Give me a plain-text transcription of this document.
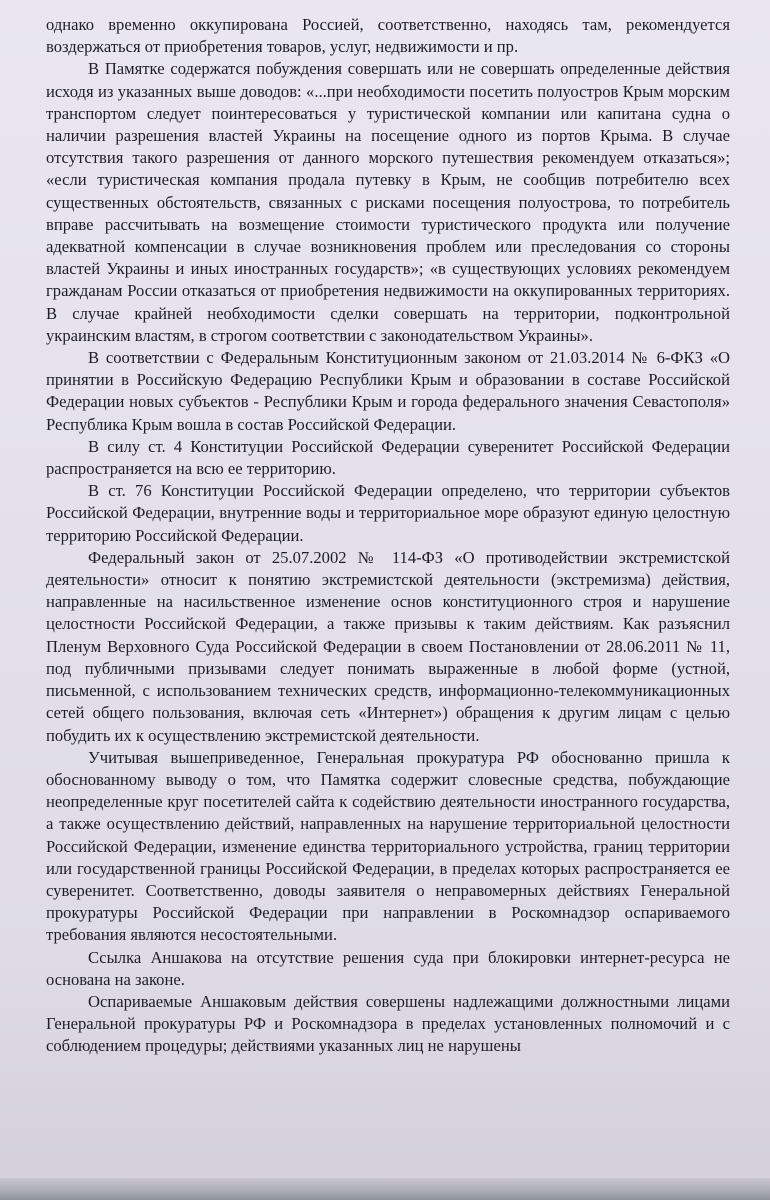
однако временно оккупирована Россией, соответственно, находясь там, рекомендуется воздержаться от приобретения товаров, услуг, недвижимости и пр.

В Памятке содержатся побуждения совершать или не совершать определенные действия исходя из указанных выше доводов: «...при необходимости посетить полуостров Крым морским транспортом следует поинтересоваться у туристической компании или капитана судна о наличии разрешения властей Украины на посещение одного из портов Крыма. В случае отсутствия такого разрешения от данного морского путешествия рекомендуем отказаться»; «если туристическая компания продала путевку в Крым, не сообщив потребителю всех существенных обстоятельств, связанных с рисками посещения полуострова, то потребитель вправе рассчитывать на возмещение стоимости туристического продукта или получение адекватной компенсации в случае возникновения проблем или преследования со стороны властей Украины и иных иностранных государств»; «в существующих условиях рекомендуем гражданам России отказаться от приобретения недвижимости на оккупированных территориях. В случае крайней необходимости сделки совершать на территории, подконтрольной украинским властям, в строгом соответствии с законодательством Украины».

В соответствии с Федеральным Конституционным законом от 21.03.2014 № 6-ФКЗ «О принятии в Российскую Федерацию Республики Крым и образовании в составе Российской Федерации новых субъектов - Республики Крым и города федерального значения Севастополя» Республика Крым вошла в состав Российской Федерации.

В силу ст. 4 Конституции Российской Федерации суверенитет Российской Федерации распространяется на всю ее территорию.

В ст. 76 Конституции Российской Федерации определено, что территории субъектов Российской Федерации, внутренние воды и территориальное море образуют единую целостную территорию Российской Федерации.

Федеральный закон от 25.07.2002 № 114-ФЗ «О противодействии экстремистской деятельности» относит к понятию экстремистской деятельности (экстремизма) действия, направленные на насильственное изменение основ конституционного строя и нарушение целостности Российской Федерации, а также призывы к таким действиям. Как разъяснил Пленум Верховного Суда Российской Федерации в своем Постановлении от 28.06.2011 № 11, под публичными призывами следует понимать выраженные в любой форме (устной, письменной, с использованием технических средств, информационно-телекоммуникационных сетей общего пользования, включая сеть «Интернет») обращения к другим лицам с целью побудить их к осуществлению экстремистской деятельности.

Учитывая вышеприведенное, Генеральная прокуратура РФ обоснованно пришла к обоснованному выводу о том, что Памятка содержит словесные средства, побуждающие неопределенные круг посетителей сайта к содействию деятельности иностранного государства, а также осуществлению действий, направленных на нарушение территориальной целостности Российской Федерации, изменение единства территориального устройства, границ территории или государственной границы Российской Федерации, в пределах которых распространяется ее суверенитет. Соответственно, доводы заявителя о неправомерных действиях Генеральной прокуратуры Российской Федерации при направлении в Роскомнадзор оспариваемого требования являются несостоятельными.

Ссылка Аншакова на отсутствие решения суда при блокировки интернет-ресурса не основана на законе.

Оспариваемые Аншаковым действия совершены надлежащими должностными лицами Генеральной прокуратуры РФ и Роскомнадзора в пределах установленных полномочий и с соблюдением процедуры; действиями указанных лиц не нарушены
